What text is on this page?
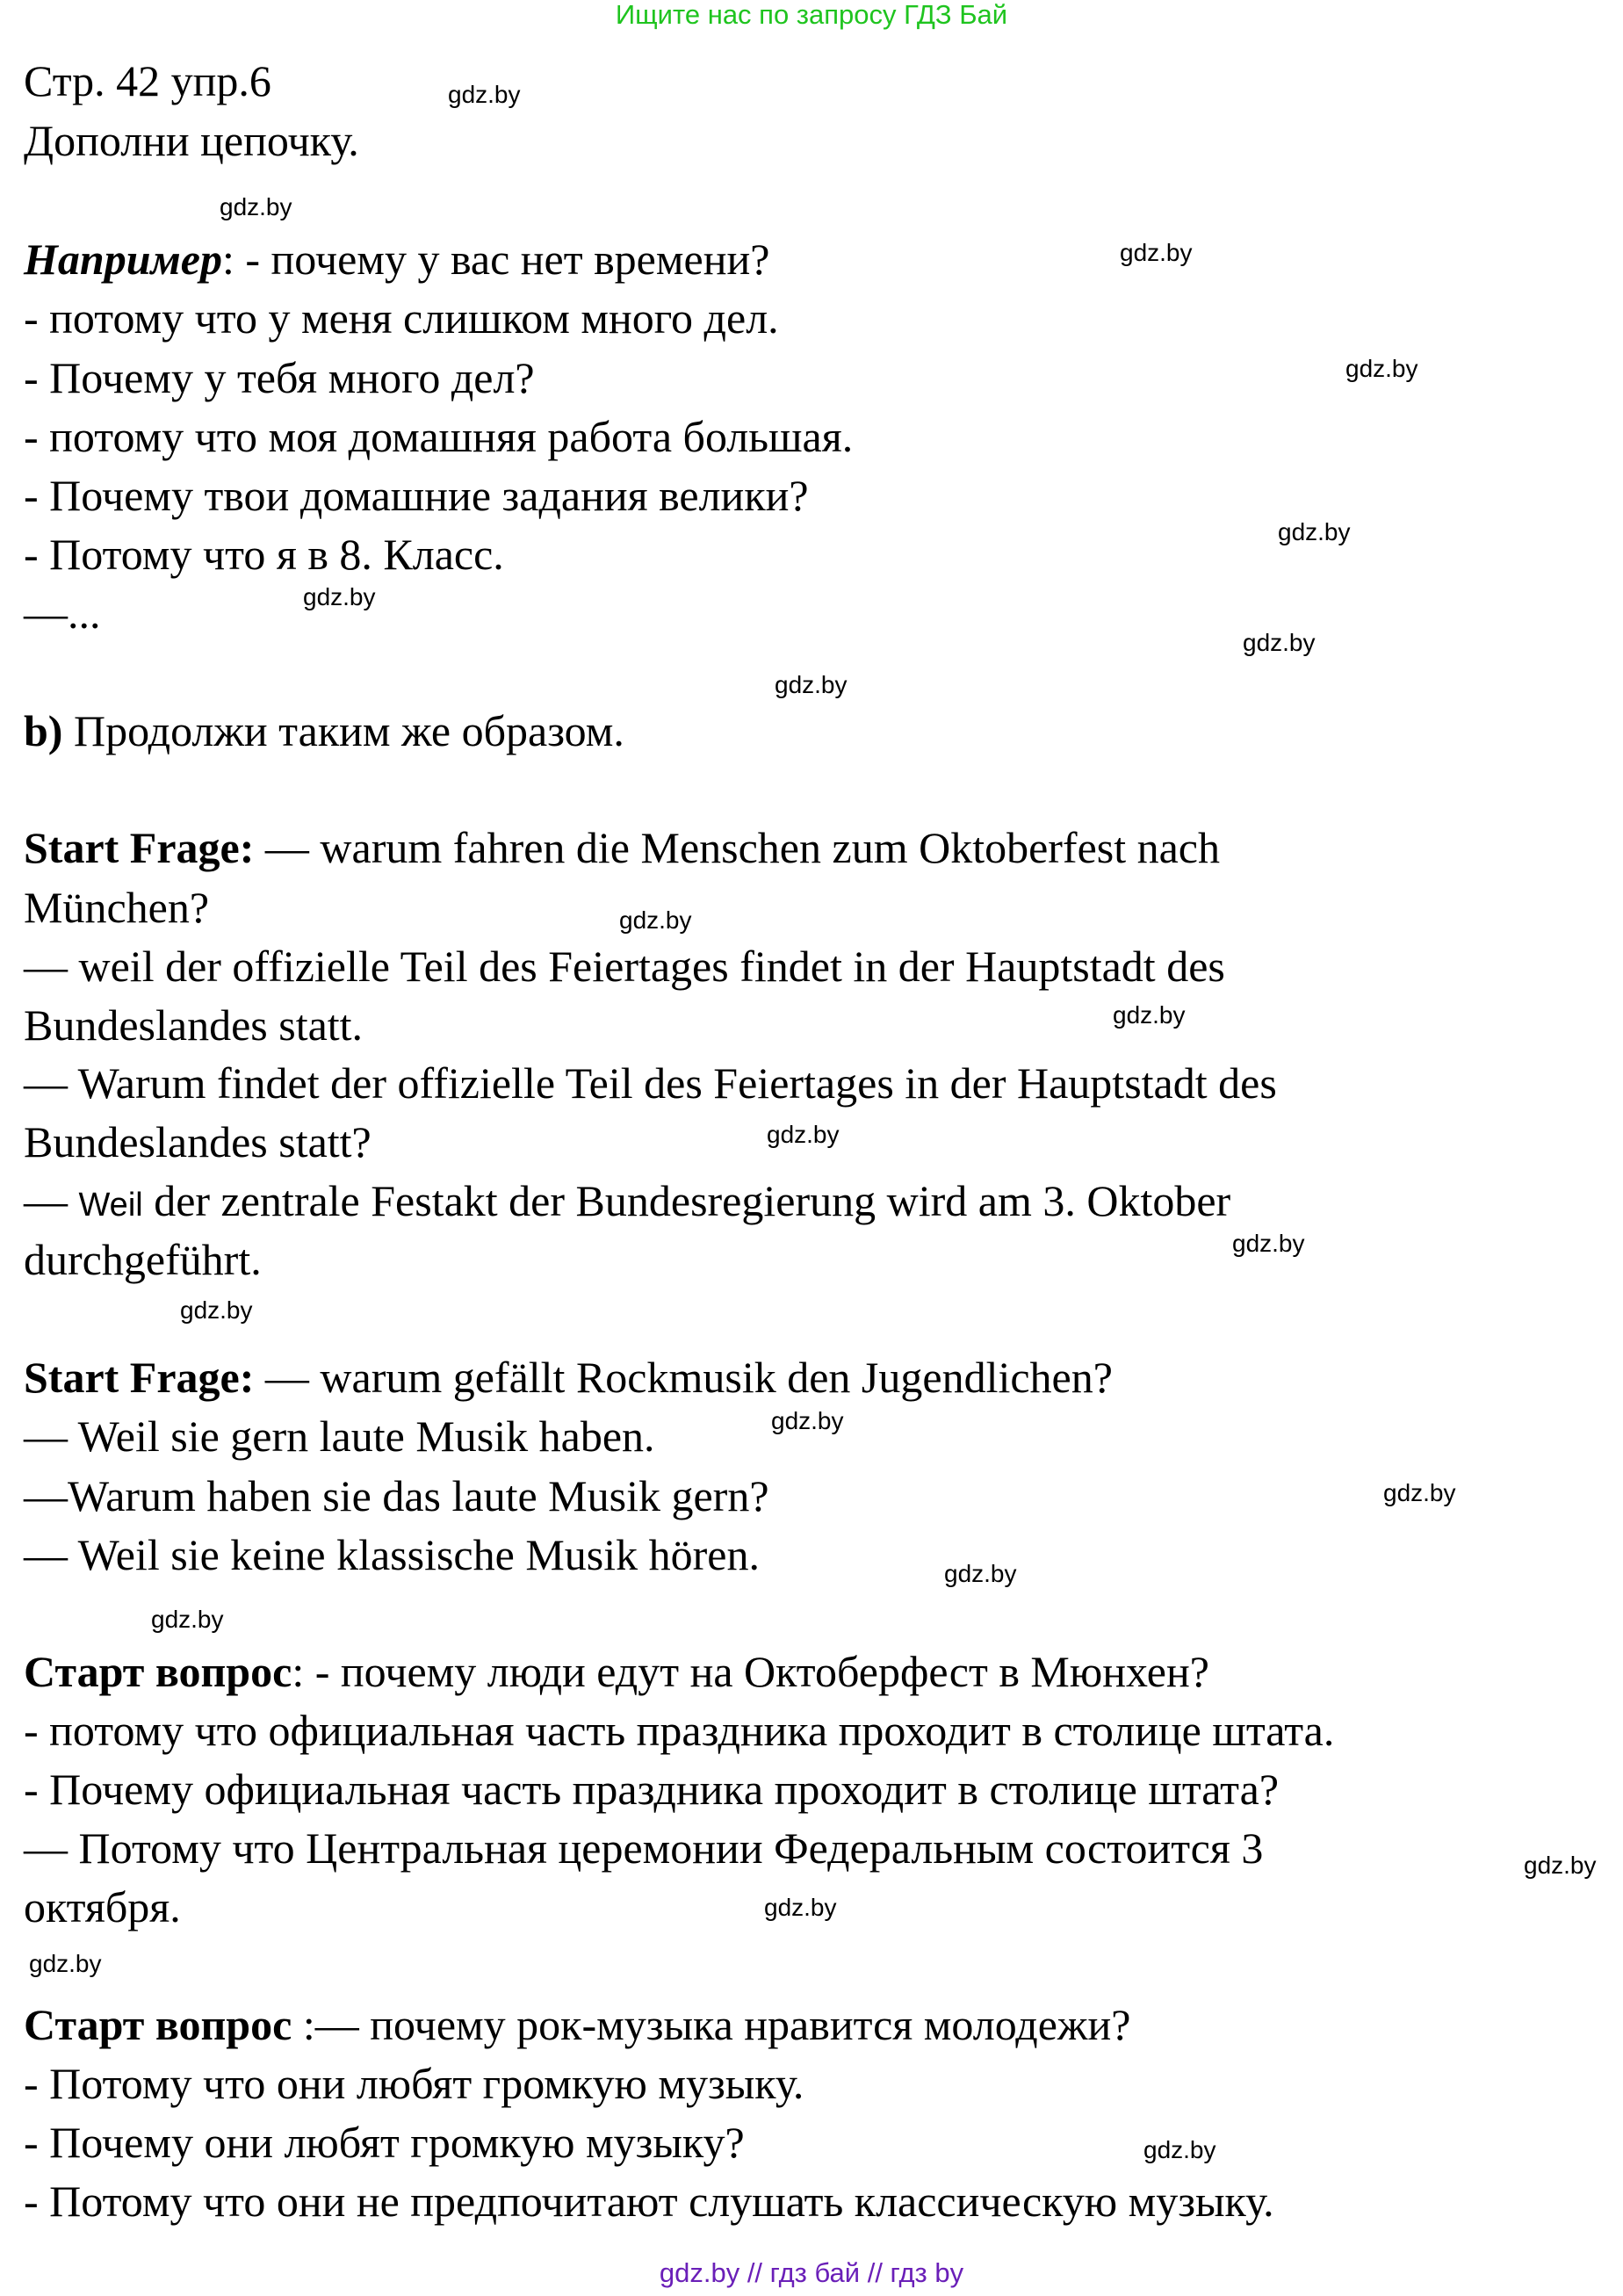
Ищите нас по запросу ГДЗ Бай
Стр. 42 упр.6
Дополни цепочку.
Например: - почему у вас нет времени?
- потому что у меня слишком много дел.
- Почему у тебя много дел?
- потому что моя домашняя работа большая.
- Почему твои домашние задания велики?
- Потому что я в 8. Класс.
—...
b) Продолжи таким же образом.
Start Frage: — warum fahren die Menschen zum Oktoberfest nach
München?
— weil der offizielle Teil des Feiertages findet in der Hauptstadt des
Bundeslandes statt.
— Warum findet der offizielle Teil des Feiertages in der Hauptstadt des
Bundeslandes statt?
— Weil der zentrale Festakt der Bundesregierung wird am 3. Oktober
durchgeführt.
Start Frage: — warum gefällt Rockmusik den Jugendlichen?
— Weil sie gern laute Musik haben.
—Warum haben sie das laute Musik gern?
— Weil sie keine klassische Musik hören.
Старт вопрос: - почему люди едут на Октоберфест в Мюнхен?
- потому что официальная часть праздника проходит в столице штата.
- Почему официальная часть праздника проходит в столице штата?
— Потому что Центральная церемонии Федеральным состоится 3
октября.
Старт вопрос :— почему рок-музыка нравится молодежи?
- Потому что они любят громкую музыку.
- Почему они любят громкую музыку?
- Потому что они не предпочитают слушать классическую музыку.
gdz.by
gdz.by
gdz.by
gdz.by
gdz.by
gdz.by
gdz.by
gdz.by
gdz.by
gdz.by
gdz.by
gdz.by
gdz.by
gdz.by
gdz.by
gdz.by
gdz.by
gdz.by
gdz.by
gdz.by
gdz.by
gdz.by // гдз бай // гдз by
